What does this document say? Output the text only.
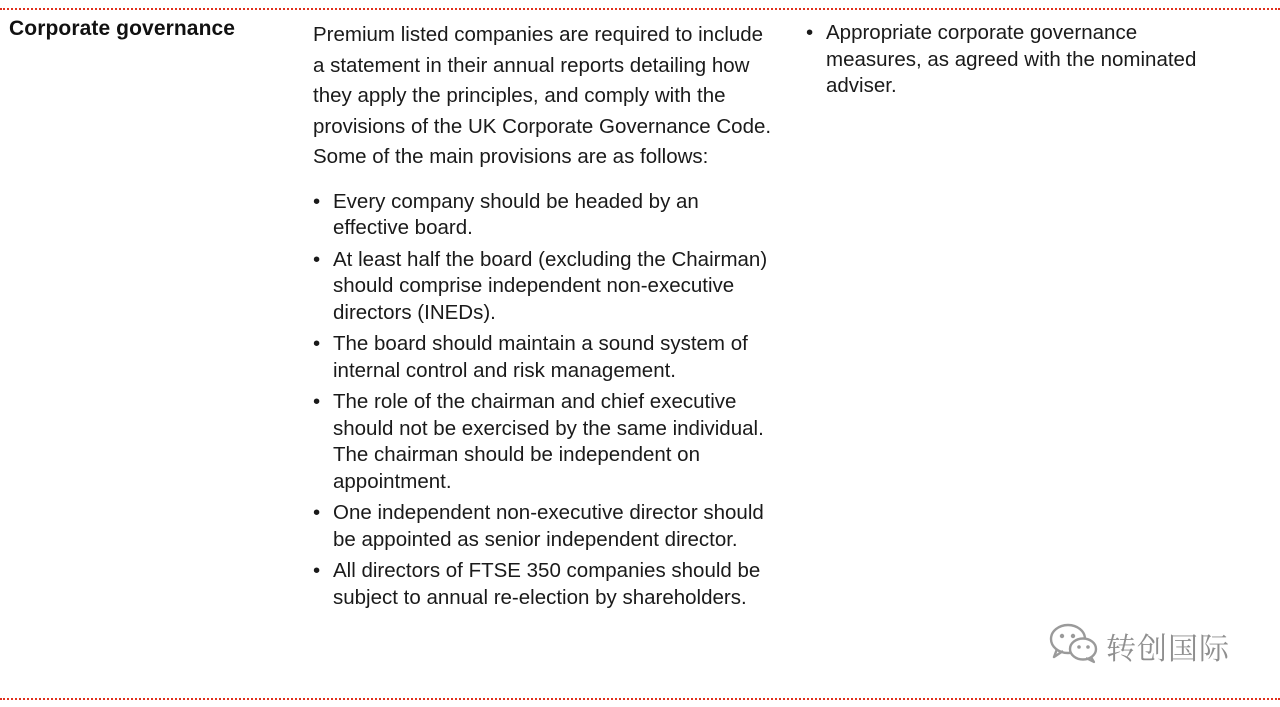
Corporate governance	Premium listed companies are required to include a statement in their annual reports detailing how they apply the principles, and comply with the provisions of the UK Corporate Governance Code. Some of the main provisions are as follows:

• Every company should be headed by an effective board.
• At least half the board (excluding the Chairman) should comprise independent non-executive directors (INEDs).
• The board should maintain a sound system of internal control and risk management.
• The role of the chairman and chief executive should not be exercised by the same individual. The chairman should be independent on appointment.
• One independent non-executive director should be appointed as senior independent director.
• All directors of FTSE 350 companies should be subject to annual re-election by shareholders.
• Appropriate corporate governance measures, as agreed with the nominated adviser.
转创国际
